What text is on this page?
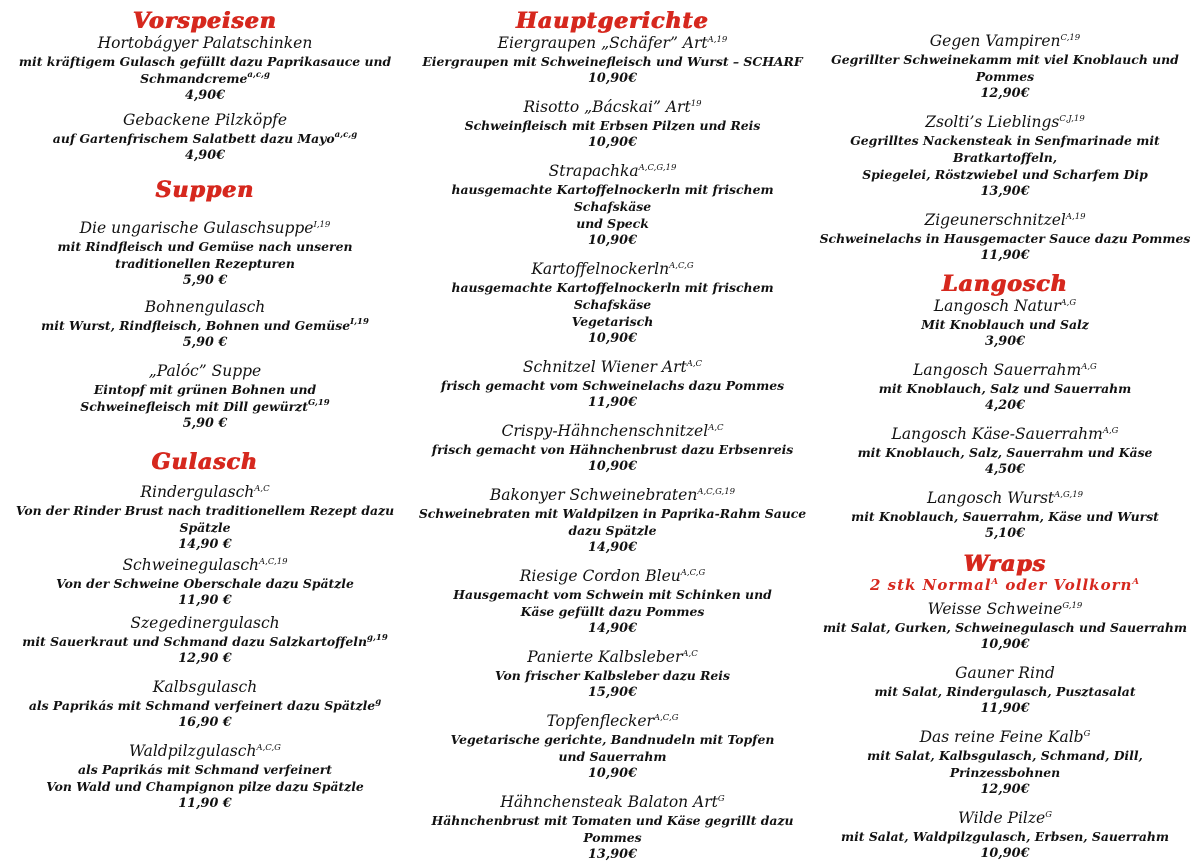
Vorspeisen
Hortobágyer Palatschinken
mit kräftigem Gulasch gefüllt dazu Paprikasauce und
Schmandcreme$^{a,c,g}$
4,90€
Gebackene Pilzköpfe
auf Gartenfrischem Salatbett dazu Mayo$^{a,c,g}$
4,90€
Suppen
Die ungarische Gulaschsuppe$^{I,19}$
mit Rindfleisch und Gemüse nach unseren
traditionellen Rezepturen
5,90 €
Bohnengulasch
mit Wurst, Rindfleisch, Bohnen und Gemüse$^{I,19}$
5,90 €
„Palóc” Suppe
Eintopf mit grünen Bohnen und
Schweinefleisch mit Dill gewürzt$^{G,19}$
5,90 €
Gulasch
Rindergulasch$^{A,C}$
Von der Rinder Brust nach traditionellem Rezept dazu Spätzle
14,90 €
Schweinegulasch$^{A,C,19}$
Von der Schweine Oberschale dazu Spätzle
11,90 €
Szegedinergulasch
mit Sauerkraut und Schmand dazu Salzkartoffeln$^{g,19}$
12,90 €
Kalbsgulasch
als Paprikás mit Schmand verfeinert dazu Spätzle$^g$
16,90 €
Waldpilzgulasch$^{A,C,G}$
als Paprikás mit Schmand verfeinert
Von Wald und Champignon pilze dazu Spätzle
11,90 €
Hauptgerichte
Eiergraupen „Schäfer” Art$^{A,19}$
Eiergraupen mit Schweinefleisch und Wurst – SCHARF
10,90€
Risotto „Bácskai” Art$^{19}$
Schweinfleisch mit Erbsen Pilzen und Reis
10,90€
Strapachka$^{A,C,G,19}$
hausgemachte Kartoffelnockerln mit frischem Schafskäse
und Speck
10,90€
Kartoffelnockerln$^{A,C,G}$
hausgemachte Kartoffelnockerln mit frischem Schafskäse
Vegetarisch
10,90€
Schnitzel Wiener Art$^{A,C}$
frisch gemacht vom Schweinelachs dazu Pommes
11,90€
Crispy-Hähnchenschnitzel$^{A,C}$
frisch gemacht von Hähnchenbrust dazu Erbsenreis
10,90€
Bakonyer Schweinebraten$^{A,C,G,19}$
Schweinebraten mit Waldpilzen in Paprika-Rahm Sauce
dazu Spätzle
14,90€
Riesige Cordon Bleu$^{A,C,G}$
Hausgemacht vom Schwein mit Schinken und
Käse gefüllt dazu Pommes
14,90€
Panierte Kalbsleber$^{A,C}$
Von frischer Kalbsleber dazu Reis
15,90€
Topfenflecker$^{A,C,G}$
Vegetarische gerichte, Bandnudeln mit Topfen
und Sauerrahm
10,90€
Hähnchensteak Balaton Art$^G$
Hähnchenbrust mit Tomaten und Käse gegrillt dazu Pommes
13,90€
Gegen Vampiren$^{C,19}$
Gegrillter Schweinekamm mit viel Knoblauch und Pommes
12,90€
Zsolti’s Lieblings$^{C,J,19}$
Gegrilltes Nackensteak in Senfmarinade mit Bratkartoffeln,
Spiegelei, Röstzwiebel und Scharfem Dip
13,90€
Zigeunerschnitzel$^{A,19}$
Schweinelachs in Hausgemacter Sauce dazu Pommes
11,90€
Langosch
Langosch Natur$^{A,G}$
Mit Knoblauch und Salz
3,90€
Langosch Sauerrahm$^{A,G}$
mit Knoblauch, Salz und Sauerrahm
4,20€
Langosch Käse-Sauerrahm$^{A,G}$
mit Knoblauch, Salz, Sauerrahm und Käse
4,50€
Langosch Wurst$^{A,G,19}$
mit Knoblauch, Sauerrahm, Käse und Wurst
5,10€
Wraps
2 stk Normal$^A$ oder Vollkorn$^A$
Weisse Schweine$^{G,19}$
mit Salat, Gurken, Schweinegulasch und Sauerrahm
10,90€
Gauner Rind
mit Salat, Rindergulasch, Pusztasalat
11,90€
Das reine Feine Kalb$^G$
mit Salat, Kalbsgulasch, Schmand, Dill, Prinzessbohnen
12,90€
Wilde Pilze$^G$
mit Salat, Waldpilzgulasch, Erbsen, Sauerrahm
10,90€
